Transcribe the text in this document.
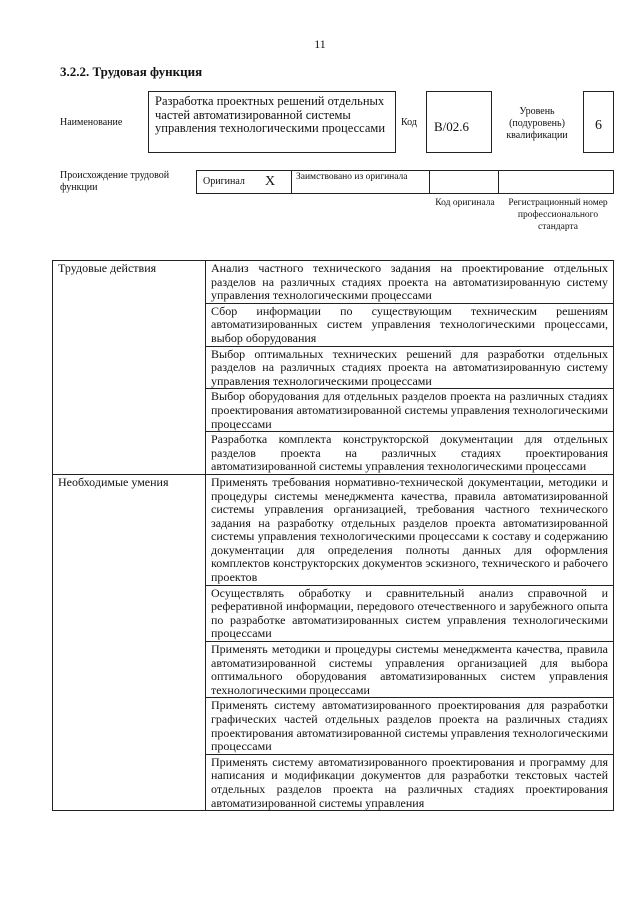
11
3.2.2. Трудовая функция
Наименование
Разработка проектных решений отдельных частей автоматизированной системы управления технологическими процессами	Код	В/02.6
Уровень (подуровень) квалификации
6
Происхождение трудовой функции
Оригинал X	Заимствовано из оригинала
Код оригинала	Регистрационный номер профессионального стандарта
Трудовые действия	Анализ частного технического задания на проектирование отдельных разделов на различных стадиях проекта на автоматизированную систему управления технологическими процессами
	Сбор информации по существующим техническим решениям автоматизированных систем управления технологическими процессами, выбор оборудования
	Выбор оптимальных технических решений для разработки отдельных разделов на различных стадиях проекта на автоматизированную систему управления технологическими процессами
	Выбор оборудования для отдельных разделов проекта на различных стадиях проектирования автоматизированной системы управления технологическими процессами
	Разработка комплекта конструкторской документации для отдельных разделов проекта на различных стадиях проектирования автоматизированной системы управления технологическими процессами
Необходимые умения	Применять требования нормативно-технической документации, методики и процедуры системы менеджмента качества, правила автоматизированной системы управления организацией, требования частного технического задания на разработку отдельных разделов проекта автоматизированной системы управления технологическими процессами к составу и содержанию документации для определения полноты данных для оформления комплектов конструкторских документов эскизного, технического и рабочего проектов
	Осуществлять обработку и сравнительный анализ справочной и реферативной информации, передового отечественного и зарубежного опыта по разработке автоматизированных систем управления технологическими процессами
	Применять методики и процедуры системы менеджмента качества, правила автоматизированной системы управления организацией для выбора оптимального оборудования автоматизированных систем управления технологическими процессами
	Применять систему автоматизированного проектирования для разработки графических частей отдельных разделов проекта на различных стадиях проектирования автоматизированной системы управления технологическими процессами
	Применять систему автоматизированного проектирования и программу для написания и модификации документов для разработки текстовых частей отдельных разделов проекта на различных стадиях проектирования автоматизированной системы управления
